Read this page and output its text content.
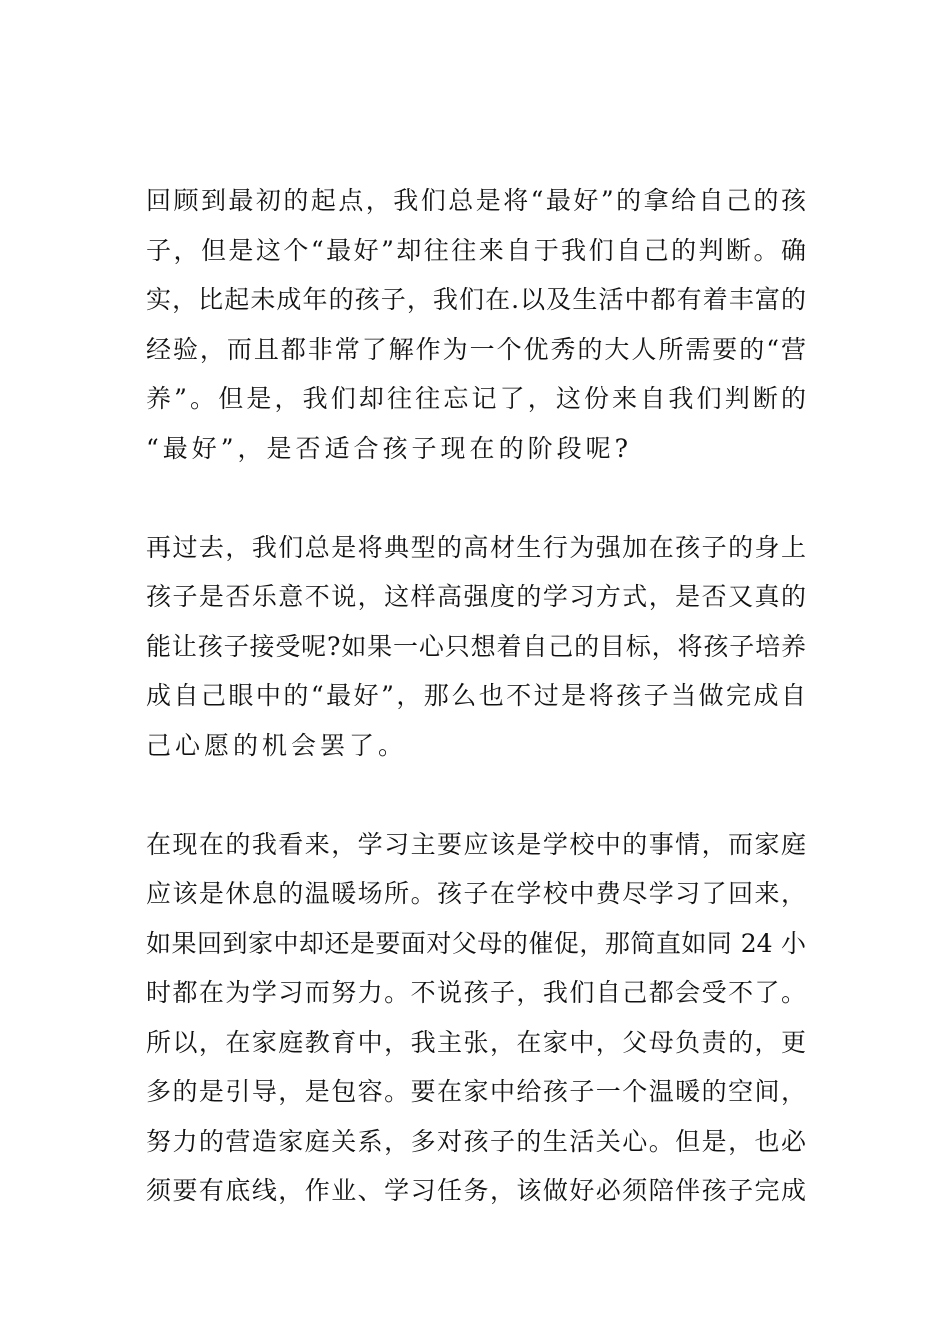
回顾到最初的起点，我们总是将“最好”的拿给自己的孩
子，但是这个“最好”却往往来自于我们自己的判断。确
实，比起未成年的孩子，我们在.以及生活中都有着丰富的
经验，而且都非常了解作为一个优秀的大人所需要的“营
养”。但是，我们却往往忘记了，这份来自我们判断的
“最好”，是否适合孩子现在的阶段呢?
再过去，我们总是将典型的高材生行为强加在孩子的身上
孩子是否乐意不说，这样高强度的学习方式，是否又真的
能让孩子接受呢?如果一心只想着自己的目标，将孩子培养
成自己眼中的“最好”，那么也不过是将孩子当做完成自
己心愿的机会罢了。
在现在的我看来，学习主要应该是学校中的事情，而家庭
应该是休息的温暖场所。孩子在学校中费尽学习了回来，
如果回到家中却还是要面对父母的催促，那简直如同 24 小
时都在为学习而努力。不说孩子，我们自己都会受不了。
所以，在家庭教育中，我主张，在家中，父母负责的，更
多的是引导，是包容。要在家中给孩子一个温暖的空间，
努力的营造家庭关系，多对孩子的生活关心。但是，也必
须要有底线，作业、学习任务，该做好必须陪伴孩子完成
